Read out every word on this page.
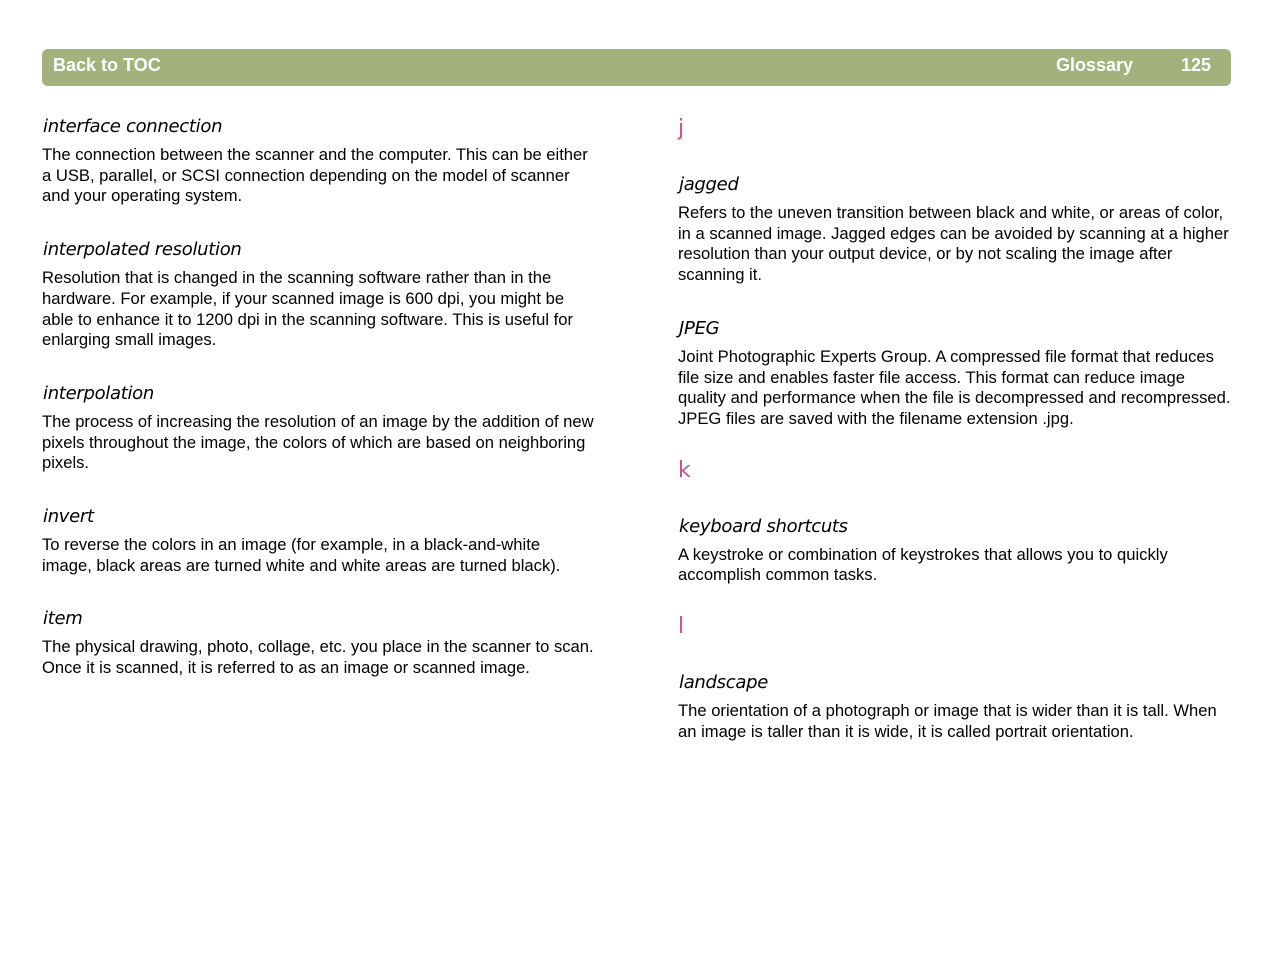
Back to TOC	Glossary	125
interface connection

The connection between the scanner and the computer. This can be either a USB, parallel, or SCSI connection depending on the model of scanner and your operating system.

interpolated resolution

Resolution that is changed in the scanning software rather than in the hardware. For example, if your scanned image is 600 dpi, you might be able to enhance it to 1200 dpi in the scanning software. This is useful for enlarging small images.

interpolation

The process of increasing the resolution of an image by the addition of new pixels throughout the image, the colors of which are based on neighboring pixels.

invert

To reverse the colors in an image (for example, in a black-and-white image, black areas are turned white and white areas are turned black).

item

The physical drawing, photo, collage, etc. you place in the scanner to scan. Once it is scanned, it is referred to as an image or scanned image.

j
jagged

Refers to the uneven transition between black and white, or areas of color, in a scanned image. Jagged edges can be avoided by scanning at a higher resolution than your output device, or by not scaling the image after scanning it.

JPEG

Joint Photographic Experts Group. A compressed file format that reduces file size and enables faster file access. This format can reduce image quality and performance when the file is decompressed and recompressed. JPEG files are saved with the filename extension .jpg.

k
keyboard shortcuts

A keystroke or combination of keystrokes that allows you to quickly accomplish common tasks.

l
landscape

The orientation of a photograph or image that is wider than it is tall. When an image is taller than it is wide, it is called portrait orientation.
